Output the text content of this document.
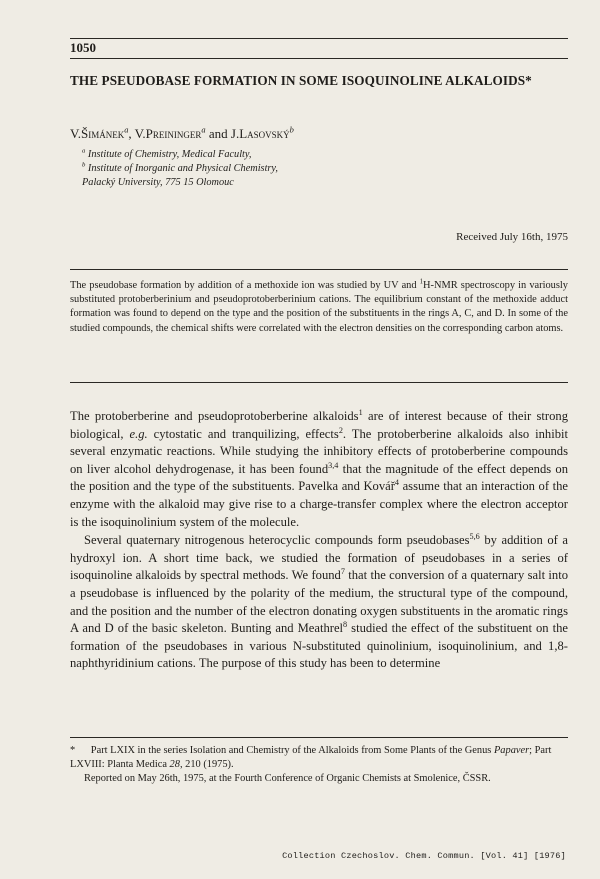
1050
THE PSEUDOBASE FORMATION IN SOME ISOQUINOLINE ALKALOIDS*
V.Šimánek$^a$, V.Preininger$^a$ and J.Lasovský$^b$
$^a$ Institute of Chemistry, Medical Faculty,
$^b$ Institute of Inorganic and Physical Chemistry,
Palacký University, 775 15 Olomouc
Received July 16th, 1975
The pseudobase formation by addition of a methoxide ion was studied by UV and $^1$H-NMR spectroscopy in variously substituted protoberberinium and pseudoprotoberberinium cations. The equilibrium constant of the methoxide adduct formation was found to depend on the type and the position of the substituents in the rings A, C, and D. In some of the studied compounds, the chemical shifts were correlated with the electron densities on the corresponding carbon atoms.

The protoberberine and pseudoprotoberberine alkaloids$^1$ are of interest because of their strong biological, e.g. cytostatic and tranquilizing, effects$^2$. The protoberberine alkaloids also inhibit several enzymatic reactions. While studying the inhibitory effects of protoberberine compounds on liver alcohol dehydrogenase, it has been found$^{3,4}$ that the magnitude of the effect depends on the position and the type of the substituents. Pavelka and Kovář$^4$ assume that an interaction of the enzyme with the alkaloid may give rise to a charge-transfer complex where the electron acceptor is the isoquinolinium system of the molecule.

Several quaternary nitrogenous heterocyclic compounds form pseudobases$^{5,6}$ by addition of a hydroxyl ion. A short time back, we studied the formation of pseudobases in a series of isoquinoline alkaloids by spectral methods. We found$^7$ that the conversion of a quaternary salt into a pseudobase is influenced by the polarity of the medium, the structural type of the compound, and the position and the number of the electron donating oxygen substituents in the aromatic rings A and D of the basic skeleton. Bunting and Meathrel$^8$ studied the effect of the substituent on the formation of the pseudobases in various N-substituted quinolinium, isoquinolinium, and 1,8-naphthyridinium cations. The purpose of this study has been to determine

* Part LXIX in the series Isolation and Chemistry of the Alkaloids from Some Plants of the Genus Papaver; Part LXVIII: Planta Medica 28, 210 (1975).

Reported on May 26th, 1975, at the Fourth Conference of Organic Chemists at Smolenice, ČSSR.

Collection Czechoslov. Chem. Commun. [Vol. 41] [1976]
